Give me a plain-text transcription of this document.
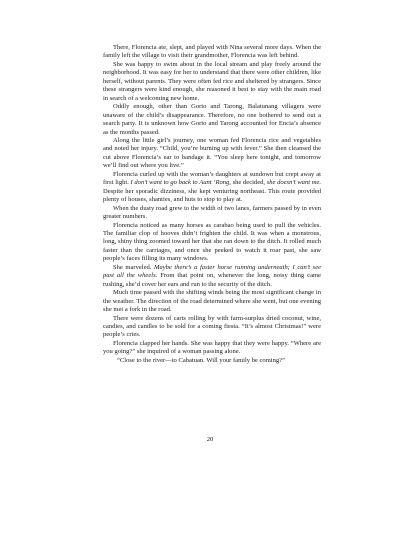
There, Florencia ate, slept, and played with Nina several more days. When the family left the village to visit their grandmother, Florencia was left behind.

She was happy to swim about in the local stream and play freely around the neighborhood. It was easy for her to understand that there were other children, like herself, without parents. They were often fed rice and sheltered by strangers. Since these strangers were kind enough, she reasoned it best to stay with the main road in search of a welcoming new home.

Oddly enough, other than Gorio and Tarong, Balatunang villagers were unaware of the child’s disappearance. Therefore, no one bothered to send out a search party. It is unknown how Gorio and Tarong accounted for Encia’s absence as the months passed.

Along the little girl’s journey, one woman fed Florencia rice and vegetables and noted her injury. “Child, you’re burning up with fever.” She then cleansed the cut above Florencia’s ear to bandage it. “You sleep here tonight, and tomorrow we’ll find out where you live.”

Florencia curled up with the woman’s daughters at sundown but crept away at first light. I don’t want to go back to Aunt ’Rong, she decided, she doesn’t want me. Despite her sporadic dizziness, she kept venturing northeast. This route provided plenty of houses, shanties, and huts to stop to play at.

When the dusty road grew to the width of two lanes, farmers passed by in even greater numbers.

Florencia noticed as many horses as carabao being used to pull the vehicles. The familiar clop of hooves didn’t frighten the child. It was when a monstrous, long, shiny thing zoomed toward her that she ran down to the ditch. It rolled much faster than the carriages, and once she peeked to watch it roar past, she saw people’s faces filling its many windows.

She marveled. Maybe there’s a faster horse running underneath; I can’t see past all the wheels. From that point on, whenever the long, noisy thing came rushing, she’d cover her ears and run to the security of the ditch.

Much time passed with the shifting winds being the most significant change in the weather. The direction of the road determined where she went, but one evening she met a fork in the road.

There were dozens of carts rolling by with farm-surplus dried coconut, wine, candies, and candles to be sold for a coming fiesta. “It’s almost Christmas!” were people’s cries.

Florencia clapped her hands. She was happy that they were happy. “Where are you going?” she inquired of a woman passing alone.

“Close to the river—to Cabatuan. Will your family be coming?”

20
